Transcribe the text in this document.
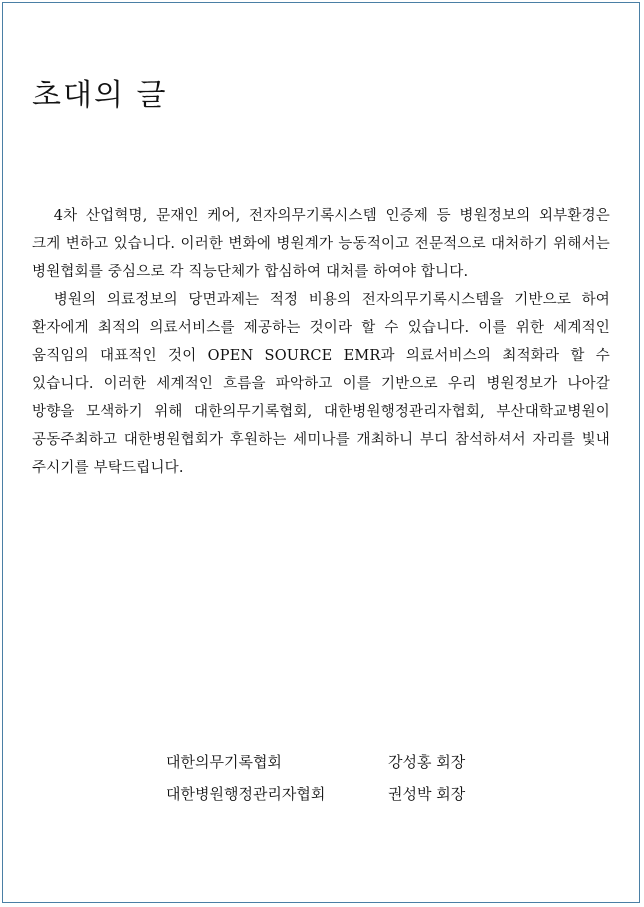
초대의 글

4차 산업혁명, 문재인 케어, 전자의무기록시스템 인증제 등 병원정보의 외부환경은 크게 변하고 있습니다. 이러한 변화에 병원계가 능동적이고 전문적으로 대처하기 위해서는 병원협회를 중심으로 각 직능단체가 합심하여 대처를 하여야 합니다.

병원의 의료정보의 당면과제는 적정 비용의 전자의무기록시스템을 기반으로 하여 환자에게 최적의 의료서비스를 제공하는 것이라 할 수 있습니다. 이를 위한 세계적인 움직임의 대표적인 것이 OPEN SOURCE EMR과 의료서비스의 최적화라 할 수 있습니다. 이러한 세계적인 흐름을 파악하고 이를 기반으로 우리 병원정보가 나아갈 방향을 모색하기 위해 대한의무기록협회, 대한병원행정관리자협회, 부산대학교병원이 공동주최하고 대한병원협회가 후원하는 세미나를 개최하니 부디 참석하셔서 자리를 빛내 주시기를 부탁드립니다.

대한의무기록협회	강성홍 회장
대한병원행정관리자협회	권성박 회장
